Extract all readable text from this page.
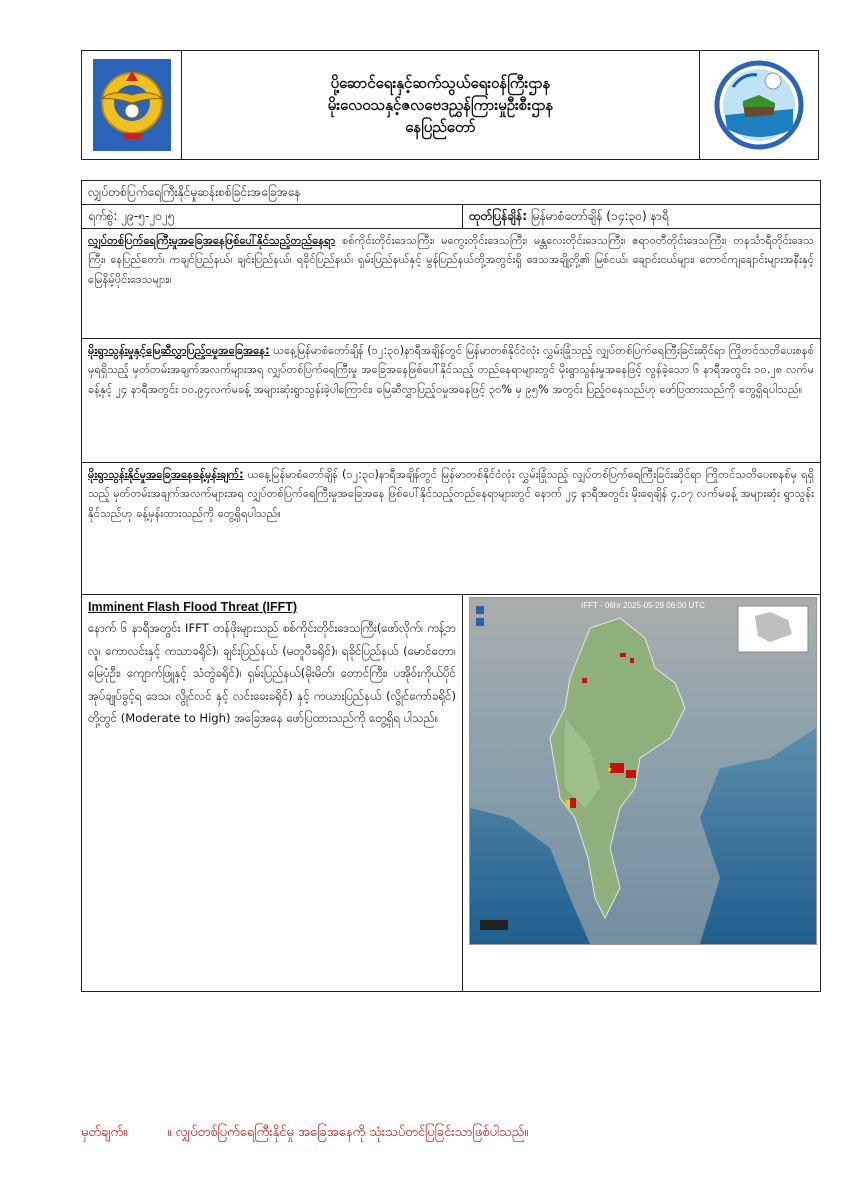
ပို့ဆောင်ရေးနှင့်ဆက်သွယ်ရေးဝန်ကြီးဌာန
မိုးလေဝသနှင့်ဇလဗေဒညွှန်ကြားမှုဦးစီးဌာန
နေပြည်တော်
လျှပ်တစ်ပြက်ရေကြီးနိုင်မှုဆန်းစစ်ခြင်းအခြေအနေ
ရက်စွဲ: ၂၉-၅-၂၀၂၅	ထုတ်ပြန်ချိန်: မြန်မာစံတော်ချိန် (၁၄:၃၀) နာရီ
လျှပ်တစ်ပြက်ရေကြီးမှုအခြေအနေဖြစ်ပေါ်နိုင်သည့်တည်နေရာ စစ်ကိုင်းတိုင်းဒေသကြီး၊ မကွေးတိုင်းဒေသကြီး၊ မန္တလေးတိုင်းဒေသကြီး၊ ဧရာဝတီတိုင်းဒေသကြီး၊ တနင်္သာရီတိုင်းဒေသကြီး၊ နေပြည်တော်၊ ကချင်ပြည်နယ်၊ ချင်းပြည်နယ်၊ ရခိုင်ပြည်နယ်၊ ရှမ်းပြည်နယ်နှင့် မွန်ပြည်နယ်တို့အတွင်းရှိ ဒေသအချို့တို့၏ မြစ်ငယ်၊ ချောင်းငယ်များ၊ တောင်ကျချောင်းများအနီးနှင့် မြေနိမ့်ပိုင်းဒေသများ။
မိုးရွာသွန်းမှုနှင့်မြေဆီလွှာပြည့်ဝမှုအခြေအနေ: ယနေ့မြန်မာစံတော်ချိန် (၁၂:၃၀)နာရီအချိန်တွင် မြန်မာတစ်နိုင်ငံလုံး လွှမ်းခြုံသည့် လျှပ်တစ်ပြက်ရေကြီးခြင်းဆိုင်ရာ ကြိုတင်သတိပေးစနစ်မှရရှိသည့် မှတ်တမ်းအချက်အလက်များအရ လျှပ်တစ်ပြက်ရေကြီးမှု အခြေအနေဖြစ်ပေါ်နိုင်သည့် တည်နေရာများတွင် မိုးရွာသွန်းမှုအနေဖြင့် လွန်ခဲ့သော ၆ နာရီအတွင်း ၁၀.၂၈ လက်မခန့်နှင့် ၂၄ နာရီအတွင်း ၁၀.၉၄လက်မခန့် အများဆုံးရွာသွန်းခဲ့ပါကြောင်း၊ မြေဆီလွှာပြည့်ဝမှုအနေဖြင့် ၃၀% မှ ၉၅% အတွင်း ပြည့်ဝနေသည်ဟု ဖော်ပြထားသည်ကို တွေ့ရှိရပါသည်။
မိုးရွာသွန်းနိုင်မှုအခြေအနေခန့်မှန်းချက်: ယနေ့မြန်မာစံတော်ချိန် (၁၂:၃၀)နာရီအချိန်တွင် မြန်မာတစ်နိုင်ငံလုံး လွှမ်းခြုံသည့် လျှပ်တစ်ပြက်ရေကြီးခြင်းဆိုင်ရာ ကြိုတင်သတိပေးစနစ်မှ ရရှိသည့် မှတ်တမ်းအချက်အလက်များအရ လျှပ်တစ်ပြက်ရေကြီးမှုအခြေအနေ ဖြစ်ပေါ်နိုင်သည့်တည်နေရာများတွင် နောက် ၂၄ နာရီအတွင်း မိုးရေချိန် ၄.၁၇ လက်မခန့် အများဆုံး ရွာသွန်းနိုင်သည်ဟု ခန့်မှန်းထားသည်ကို တွေ့ရှိရပါသည်။
Imminent Flash Flood Threat (IFFT)
နောက် ၆ နာရီအတွင်း IFFT တန်ဖိုးများသည် စစ်ကိုင်းတိုင်းဒေသကြီး(ဖော်လိုက်၊ ကန့်ဘလူ၊ ကောလင်းနှင့် ကသာခရိုင်)၊ ချင်းပြည်နယ် (မတူပီခရိုင်)၊ ရခိုင်ပြည်နယ် (မောင်တော၊ မြေပုံဦး၊ ကျောက်ဖြူနှင့် သံတွဲခရိုင်)၊ ရှမ်းပြည်နယ်(မိုးမိတ်၊ တောင်ကြီး၊ ပအိုဝ်းကိုယ်ပိုင်အုပ်ချုပ်ခွင့်ရ ဒေသ၊ လွိုင်လင် နှင့် လင်းခေးခရိုင်) နှင့် ကယားပြည်နယ် (လွိုင်ကော်ခရိုင်) တို့တွင် (Moderate to High) အခြေအနေ ဖော်ပြထားသည်ကို တွေ့ရှိရ ပါသည်။
IFFT - 06hr 2025-05-29 06:00 UTC
မှတ်ချက်။	။ လျှပ်တစ်ပြက်ရေကြီးနိုင်မှု အခြေအနေကို သုံးသပ်တင်ပြခြင်းသာဖြစ်ပါသည်။
